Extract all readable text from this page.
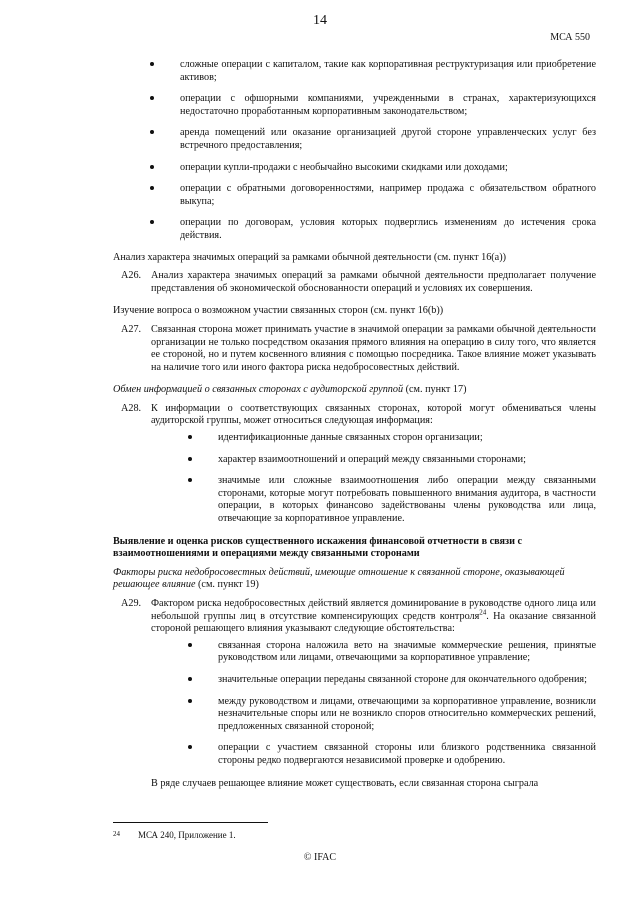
14
МСА 550
сложные операции с капиталом, такие как корпоративная реструктуризация или приобретение активов;
операции с офшорными компаниями, учрежденными в странах, характеризующихся недостаточно проработанным корпоративным законодательством;
аренда помещений или оказание организацией другой стороне управленческих услуг без встречного предоставления;
операции купли-продажи с необычайно высокими скидками или доходами;
операции с обратными договоренностями, например продажа с обязательством обратного выкупа;
операции по договорам, условия которых подверглись изменениям до истечения срока действия.

Анализ характера значимых операций за рамками обычной деятельности (см. пункт 16(а))

A26. Анализ характера значимых операций за рамками обычной деятельности предполагает получение представления об экономической обоснованности операций и условиях их совершения.

Изучение вопроса о возможном участии связанных сторон (см. пункт 16(b))

A27. Связанная сторона может принимать участие в значимой операции за рамками обычной деятельности организации не только посредством оказания прямого влияния на операцию в силу того, что является ее стороной, но и путем косвенного влияния с помощью посредника. Такое влияние может указывать на наличие того или иного фактора риска недобросовестных действий.

Обмен информацией о связанных сторонах с аудиторской группой (см. пункт 17)

A28. К информации о соответствующих связанных сторонах, которой могут обмениваться члены аудиторской группы, может относиться следующая информация:
идентификационные данные связанных сторон организации;
характер взаимоотношений и операций между связанными сторонами;
значимые или сложные взаимоотношения либо операции между связанными сторонами, которые могут потребовать повышенного внимания аудитора, в частности операции, в которых финансово задействованы члены руководства или лица, отвечающие за корпоративное управление.

Выявление и оценка рисков существенного искажения финансовой отчетности в связи с взаимоотношениями и операциями между связанными сторонами

Факторы риска недобросовестных действий, имеющие отношение к связанной стороне, оказывающей решающее влияние (см. пункт 19)

A29. Фактором риска недобросовестных действий является доминирование в руководстве одного лица или небольшой группы лиц в отсутствие компенсирующих средств контроля$^{24}$. На оказание связанной стороной решающего влияния указывают следующие обстоятельства:
связанная сторона наложила вето на значимые коммерческие решения, принятые руководством или лицами, отвечающими за корпоративное управление;
значительные операции переданы связанной стороне для окончательного одобрения;
между руководством и лицами, отвечающими за корпоративное управление, возникли незначительные споры или не возникло споров относительно коммерческих решений, предложенных связанной стороной;
операции с участием связанной стороны или близкого родственника связанной стороны редко подвергаются независимой проверке и одобрению.

В ряде случаев решающее влияние может существовать, если связанная сторона сыграла

24 МСА 240, Приложение 1.
© IFAC
